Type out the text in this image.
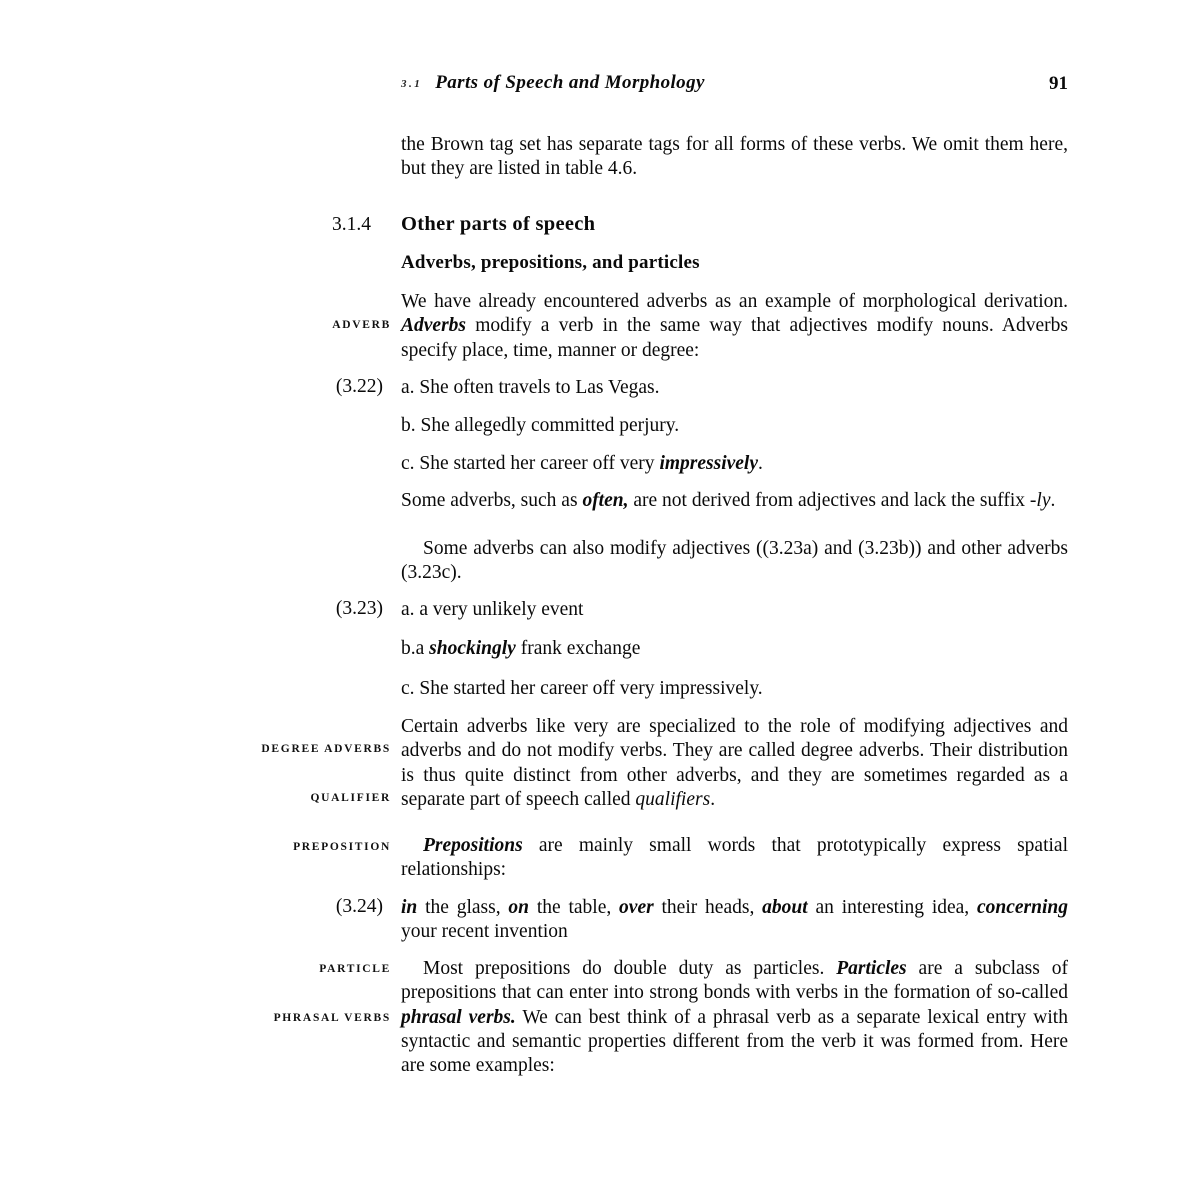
3.1 Parts of Speech and Morphology	91
the Brown tag set has separate tags for all forms of these verbs. We omit them here, but they are listed in table 4.6.
3.1.4 Other parts of speech
Adverbs, prepositions, and particles
ADVERB
We have already encountered adverbs as an example of morphological derivation. Adverbs modify a verb in the same way that adjectives modify nouns. Adverbs specify place, time, manner or degree:
(3.22) a. She often travels to Las Vegas.
b. She allegedly committed perjury.
c. She started her career off very impressively.
Some adverbs, such as often, are not derived from adjectives and lack the suffix -ly.
Some adverbs can also modify adjectives ((3.23a) and (3.23b)) and other adverbs (3.23c).
(3.23) a. a very unlikely event
b.a shockingly frank exchange
c. She started her career off very impressively.
DEGREE ADVERBS
QUALIFIER
Certain adverbs like very are specialized to the role of modifying adjectives and adverbs and do not modify verbs. They are called degree adverbs. Their distribution is thus quite distinct from other adverbs, and they are sometimes regarded as a separate part of speech called qualifiers.
PREPOSITION	Prepositions are mainly small words that prototypically express spatial relationships:
(3.24) in the glass, on the table, over their heads, about an interesting idea, concerning your recent invention
PARTICLE
PHRASAL VERBS
Most prepositions do double duty as particles. Particles are a subclass of prepositions that can enter into strong bonds with verbs in the formation of so-called phrasal verbs. We can best think of a phrasal verb as a separate lexical entry with syntactic and semantic properties different from the verb it was formed from. Here are some examples:
